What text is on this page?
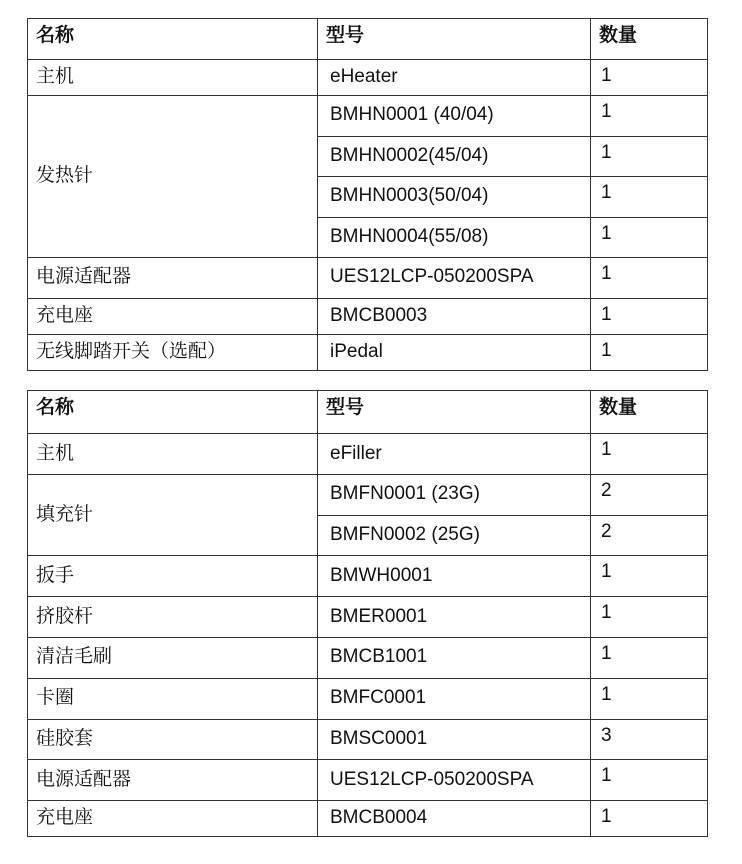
名称	型号	数量
主机	eHeater	1
发热针	BMHN0001 (40/04)	1
	BMHN0002(45/04)	1
	BMHN0003(50/04)	1
	BMHN0004(55/08)	1
电源适配器	UES12LCP-050200SPA	1
充电座	BMCB0003	1
无线脚踏开关（选配）	iPedal	1
名称	型号	数量
主机	eFiller	1
填充针	BMFN0001 (23G)	2
	BMFN0002 (25G)	2
扳手	BMWH0001	1
挤胶杆	BMER0001	1
清洁毛刷	BMCB1001	1
卡圈	BMFC0001	1
硅胶套	BMSC0001	3
电源适配器	UES12LCP-050200SPA	1
充电座	BMCB0004	1
